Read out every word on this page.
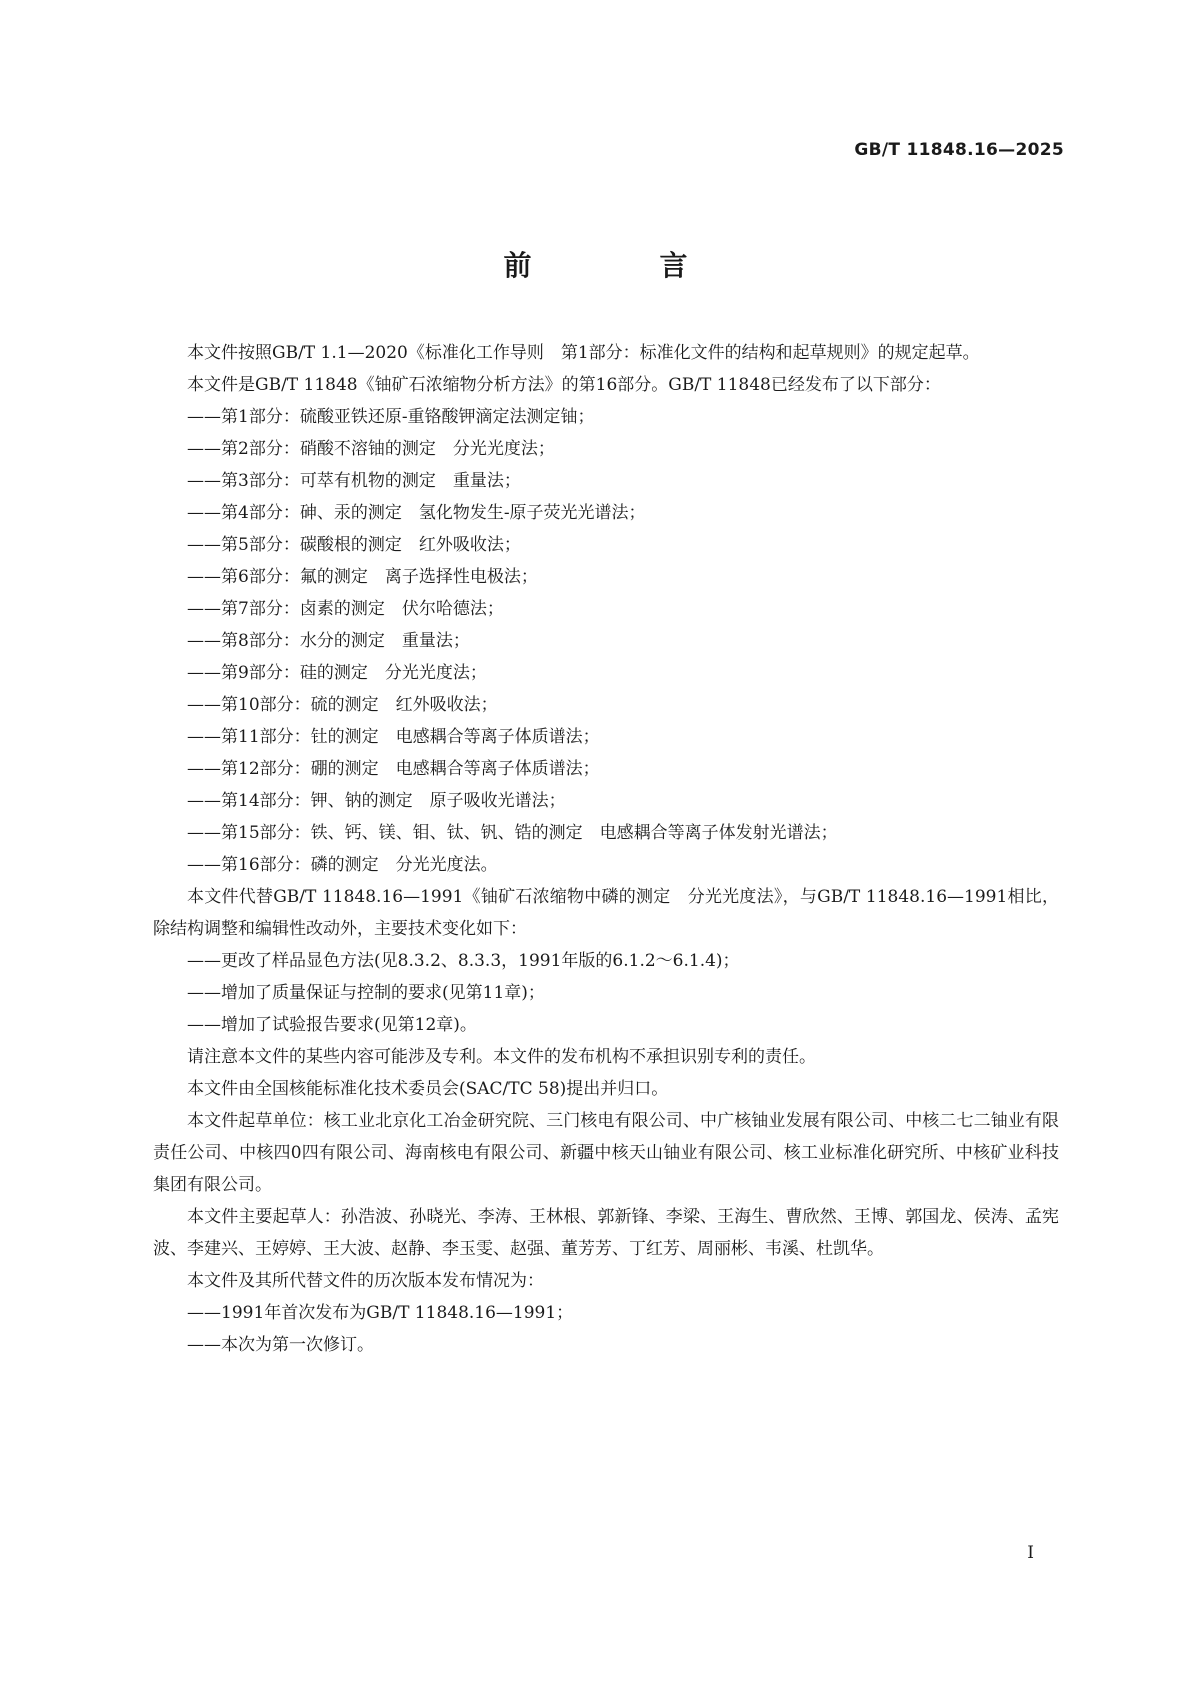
GB/T 11848.16—2025
前　言

本文件按照GB/T 1.1—2020《标准化工作导则　第1部分：标准化文件的结构和起草规则》的规定起草。

本文件是GB/T 11848《铀矿石浓缩物分析方法》的第16部分。GB/T 11848已经发布了以下部分：

——第1部分：硫酸亚铁还原-重铬酸钾滴定法测定铀；

——第2部分：硝酸不溶铀的测定　分光光度法；

——第3部分：可萃有机物的测定　重量法；

——第4部分：砷、汞的测定　氢化物发生-原子荧光光谱法；

——第5部分：碳酸根的测定　红外吸收法；

——第6部分：氟的测定　离子选择性电极法；

——第7部分：卤素的测定　伏尔哈德法；

——第8部分：水分的测定　重量法；

——第9部分：硅的测定　分光光度法；

——第10部分：硫的测定　红外吸收法；

——第11部分：钍的测定　电感耦合等离子体质谱法；

——第12部分：硼的测定　电感耦合等离子体质谱法；

——第14部分：钾、钠的测定　原子吸收光谱法；

——第15部分：铁、钙、镁、钼、钛、钒、锆的测定　电感耦合等离子体发射光谱法；

——第16部分：磷的测定　分光光度法。

本文件代替GB/T 11848.16—1991《铀矿石浓缩物中磷的测定　分光光度法》，与GB/T 11848.16—1991相比，除结构调整和编辑性改动外，主要技术变化如下：

——更改了样品显色方法(见8.3.2、8.3.3，1991年版的6.1.2～6.1.4)；

——增加了质量保证与控制的要求(见第11章)；

——增加了试验报告要求(见第12章)。

请注意本文件的某些内容可能涉及专利。本文件的发布机构不承担识别专利的责任。

本文件由全国核能标准化技术委员会(SAC/TC 58)提出并归口。

本文件起草单位：核工业北京化工冶金研究院、三门核电有限公司、中广核铀业发展有限公司、中核二七二铀业有限责任公司、中核四0四有限公司、海南核电有限公司、新疆中核天山铀业有限公司、核工业标准化研究所、中核矿业科技集团有限公司。

本文件主要起草人：孙浩波、孙晓光、李涛、王林根、郭新锋、李梁、王海生、曹欣然、王博、郭国龙、侯涛、孟宪波、李建兴、王婷婷、王大波、赵静、李玉雯、赵强、董芳芳、丁红芳、周丽彬、韦溪、杜凯华。

本文件及其所代替文件的历次版本发布情况为：

——1991年首次发布为GB/T 11848.16—1991；

——本次为第一次修订。

I
